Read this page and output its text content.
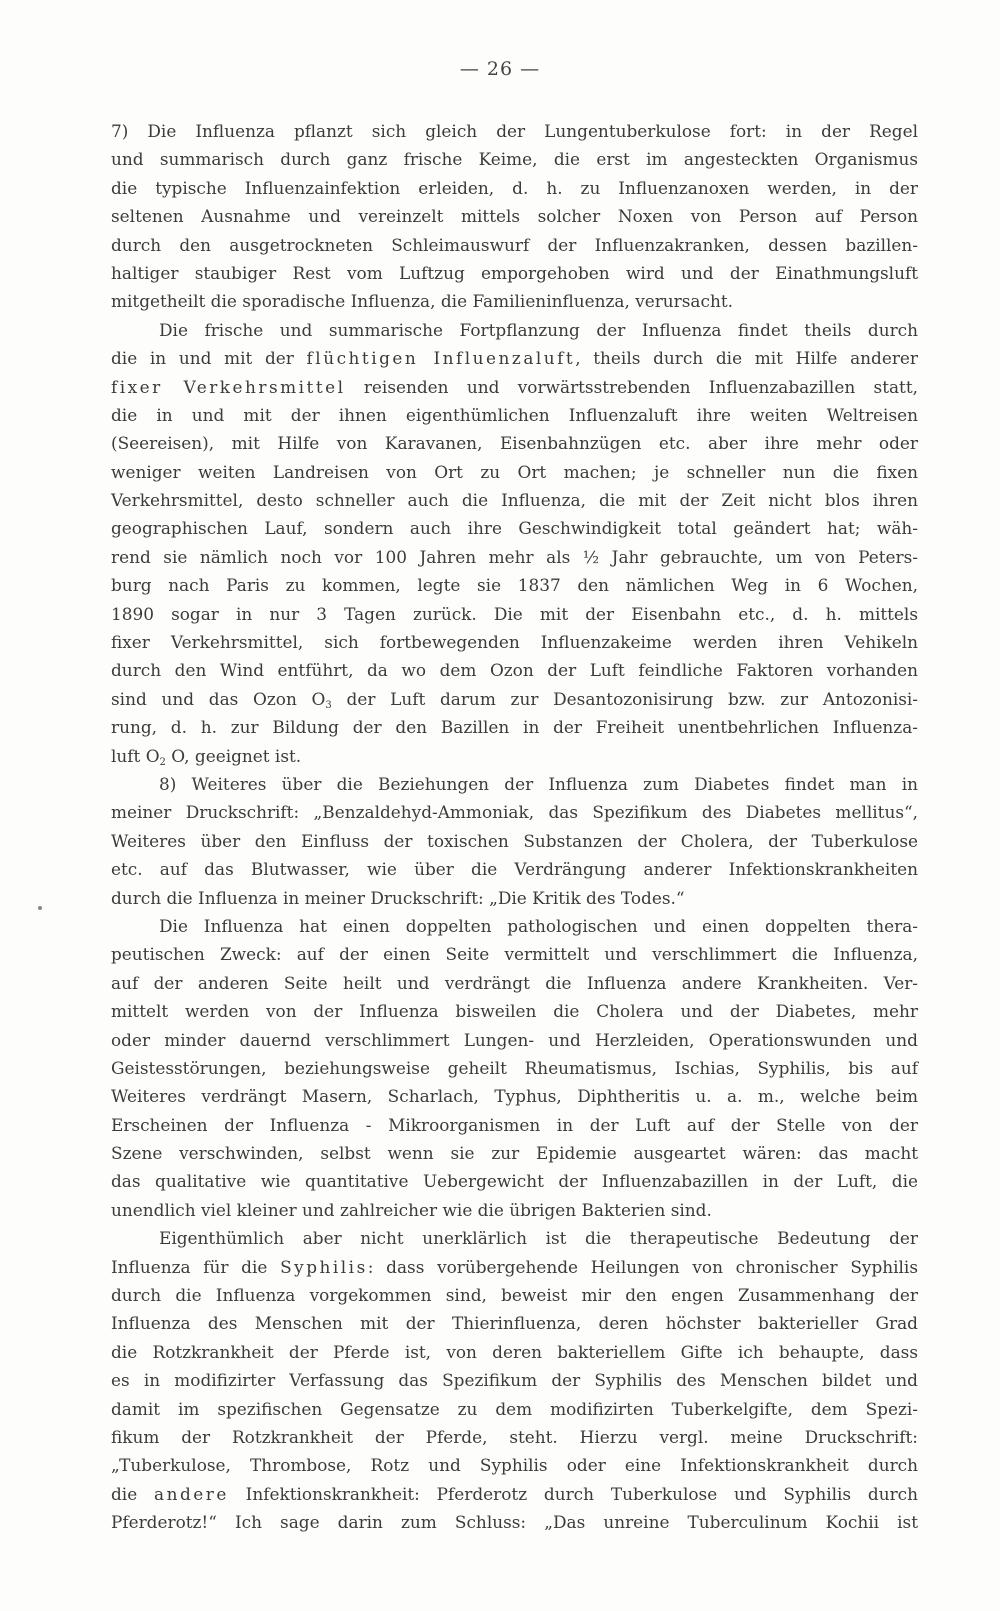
— 26 —
7) Die Influenza pflanzt sich gleich der Lungentuberkulose fort: in der Regel
und summarisch durch ganz frische Keime, die erst im angesteckten Organismus
die typische Influenzainfektion erleiden, d. h. zu Influenzanoxen werden, in der
seltenen Ausnahme und vereinzelt mittels solcher Noxen von Person auf Person
durch den ausgetrockneten Schleimauswurf der Influenzakranken, dessen bazillen-
haltiger staubiger Rest vom Luftzug emporgehoben wird und der Einathmungsluft
mitgetheilt die sporadische Influenza, die Familieninfluenza, verursacht.
Die frische und summarische Fortpflanzung der Influenza findet theils durch
die in und mit der flüchtigen Influenzaluft, theils durch die mit Hilfe anderer
fixer Verkehrsmittel reisenden und vorwärtsstrebenden Influenzabazillen statt,
die in und mit der ihnen eigenthümlichen Influenzaluft ihre weiten Weltreisen
(Seereisen), mit Hilfe von Karavanen, Eisenbahnzügen etc. aber ihre mehr oder
weniger weiten Landreisen von Ort zu Ort machen; je schneller nun die fixen
Verkehrsmittel, desto schneller auch die Influenza, die mit der Zeit nicht blos ihren
geographischen Lauf, sondern auch ihre Geschwindigkeit total geändert hat; wäh-
rend sie nämlich noch vor 100 Jahren mehr als ½ Jahr gebrauchte, um von Peters-
burg nach Paris zu kommen, legte sie 1837 den nämlichen Weg in 6 Wochen,
1890 sogar in nur 3 Tagen zurück. Die mit der Eisenbahn etc., d. h. mittels
fixer Verkehrsmittel, sich fortbewegenden Influenzakeime werden ihren Vehikeln
durch den Wind entführt, da wo dem Ozon der Luft feindliche Faktoren vorhanden
sind und das Ozon $O_3$ der Luft darum zur Desantozonisirung bzw. zur Antozonisi-
rung, d. h. zur Bildung der den Bazillen in der Freiheit unentbehrlichen Influenza-
luft $O_2$ O, geeignet ist.
8) Weiteres über die Beziehungen der Influenza zum Diabetes findet man in
meiner Druckschrift: „Benzaldehyd-Ammoniak, das Spezifikum des Diabetes mellitus“,
Weiteres über den Einfluss der toxischen Substanzen der Cholera, der Tuberkulose
etc. auf das Blutwasser, wie über die Verdrängung anderer Infektionskrankheiten
durch die Influenza in meiner Druckschrift: „Die Kritik des Todes.“
Die Influenza hat einen doppelten pathologischen und einen doppelten thera-
peutischen Zweck: auf der einen Seite vermittelt und verschlimmert die Influenza,
auf der anderen Seite heilt und verdrängt die Influenza andere Krankheiten. Ver-
mittelt werden von der Influenza bisweilen die Cholera und der Diabetes, mehr
oder minder dauernd verschlimmert Lungen- und Herzleiden, Operationswunden und
Geistesstörungen, beziehungsweise geheilt Rheumatismus, Ischias, Syphilis, bis auf
Weiteres verdrängt Masern, Scharlach, Typhus, Diphtheritis u. a. m., welche beim
Erscheinen der Influenza - Mikroorganismen in der Luft auf der Stelle von der
Szene verschwinden, selbst wenn sie zur Epidemie ausgeartet wären: das macht
das qualitative wie quantitative Uebergewicht der Influenzabazillen in der Luft, die
unendlich viel kleiner und zahlreicher wie die übrigen Bakterien sind.
Eigenthümlich aber nicht unerklärlich ist die therapeutische Bedeutung der
Influenza für die Syphilis: dass vorübergehende Heilungen von chronischer Syphilis
durch die Influenza vorgekommen sind, beweist mir den engen Zusammenhang der
Influenza des Menschen mit der Thierinfluenza, deren höchster bakterieller Grad
die Rotzkrankheit der Pferde ist, von deren bakteriellem Gifte ich behaupte, dass
es in modifizirter Verfassung das Spezifikum der Syphilis des Menschen bildet und
damit im spezifischen Gegensatze zu dem modifizirten Tuberkelgifte, dem Spezi-
fikum der Rotzkrankheit der Pferde, steht. Hierzu vergl. meine Druckschrift:
„Tuberkulose, Thrombose, Rotz und Syphilis oder eine Infektionskrankheit durch
die andere Infektionskrankheit: Pferderotz durch Tuberkulose und Syphilis durch
Pferderotz!“ Ich sage darin zum Schluss: „Das unreine Tuberculinum Kochii ist
